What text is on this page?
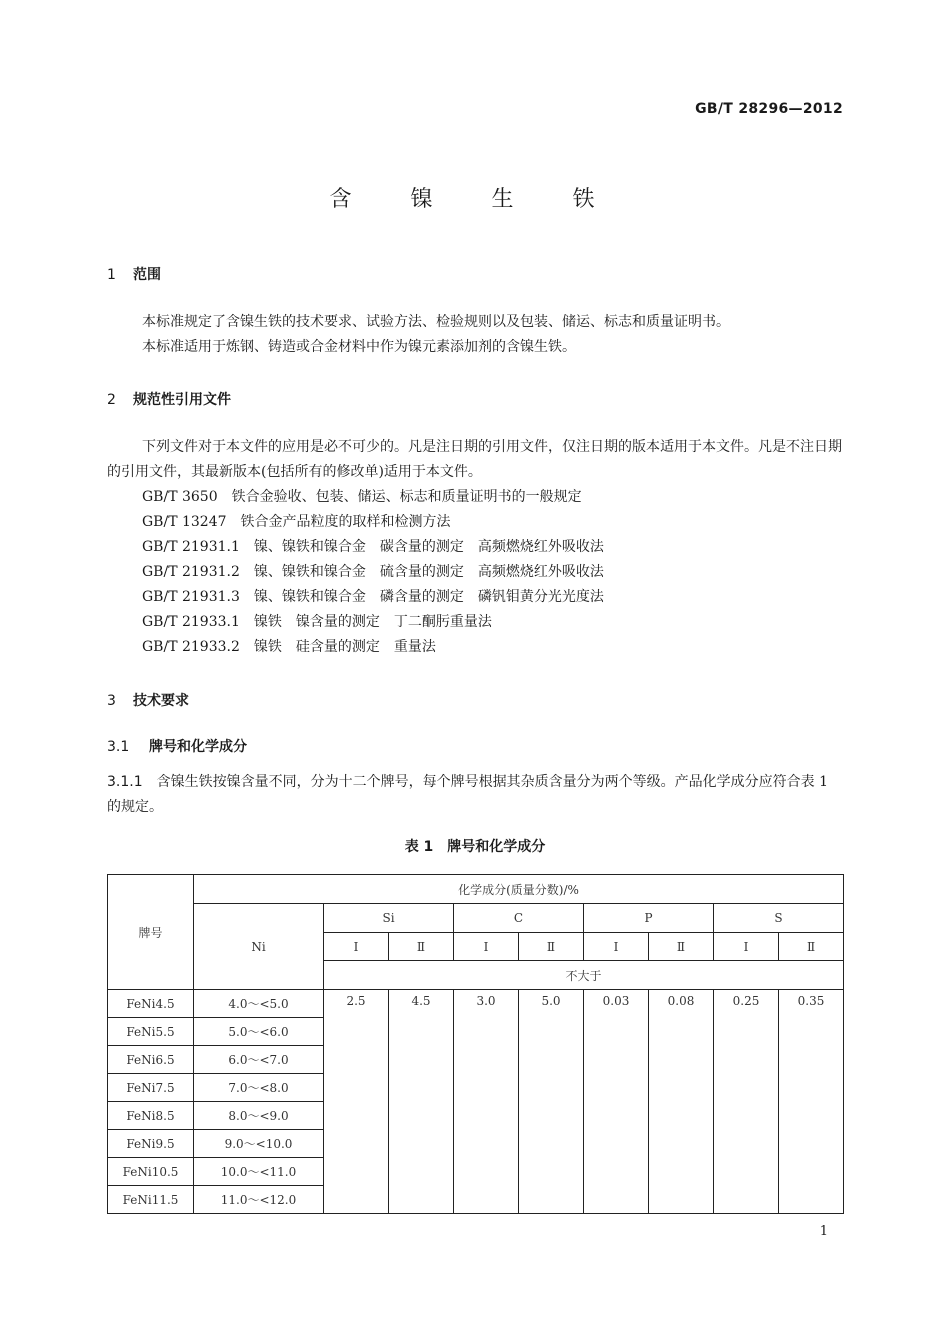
GB/T 28296—2012
含 镍 生 铁
1 范围
本标准规定了含镍生铁的技术要求、试验方法、检验规则以及包装、储运、标志和质量证明书。
本标准适用于炼钢、铸造或合金材料中作为镍元素添加剂的含镍生铁。
2 规范性引用文件
下列文件对于本文件的应用是必不可少的。凡是注日期的引用文件，仅注日期的版本适用于本文件。凡是不注日期的引用文件，其最新版本(包括所有的修改单)适用于本文件。
GB/T 3650 铁合金验收、包装、储运、标志和质量证明书的一般规定
GB/T 13247 铁合金产品粒度的取样和检测方法
GB/T 21931.1 镍、镍铁和镍合金　碳含量的测定　高频燃烧红外吸收法
GB/T 21931.2 镍、镍铁和镍合金　硫含量的测定　高频燃烧红外吸收法
GB/T 21931.3 镍、镍铁和镍合金　磷含量的测定　磷钒钼黄分光光度法
GB/T 21933.1 镍铁　镍含量的测定　丁二酮肟重量法
GB/T 21933.2 镍铁　硅含量的测定　重量法
3 技术要求
3.1 牌号和化学成分
3.1.1 含镍生铁按镍含量不同，分为十二个牌号，每个牌号根据其杂质含量分为两个等级。产品化学成分应符合表 1 的规定。
表 1　牌号和化学成分
牌号	化学成分(质量分数)/%								
	Ni	Si		C		P		S	
		Ⅰ	Ⅱ	Ⅰ	Ⅱ	Ⅰ	Ⅱ	Ⅰ	Ⅱ
		不大于							
FeNi4.5	4.0～<5.0	2.5	4.5	3.0	5.0	0.03	0.08	0.25	0.35
FeNi5.5	5.0～<6.0								
FeNi6.5	6.0～<7.0								
FeNi7.5	7.0～<8.0								
FeNi8.5	8.0～<9.0								
FeNi9.5	9.0～<10.0								
FeNi10.5	10.0～<11.0								
FeNi11.5	11.0～<12.0								
1
